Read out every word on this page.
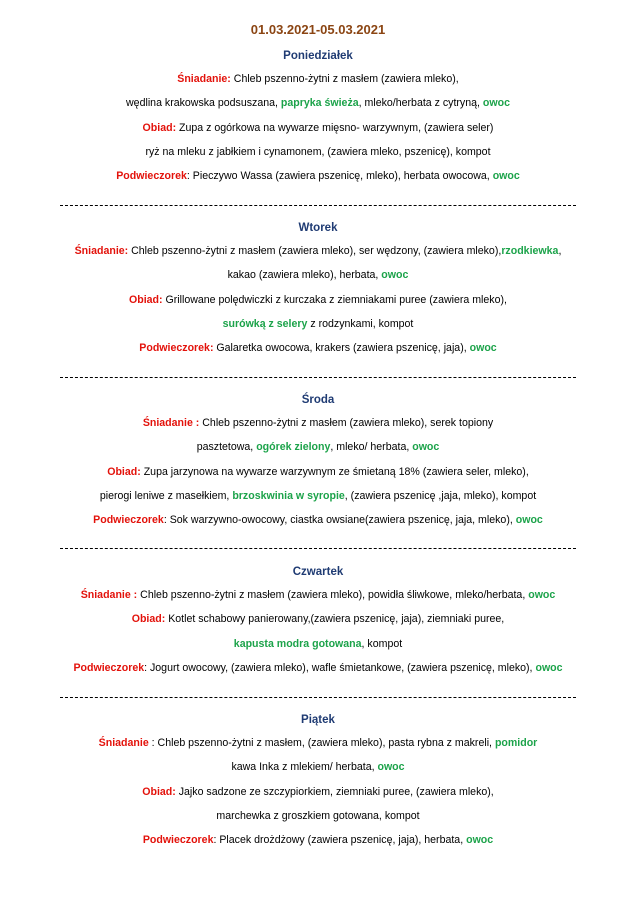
01.03.2021-05.03.2021
Poniedziałek
Śniadanie: Chleb pszenno-żytni z masłem (zawiera mleko),
wędlina krakowska podsuszana, papryka świeża, mleko/herbata z cytryną, owoc
Obiad: Zupa z ogórkowa na wywarze mięsno- warzywnym, (zawiera seler)
ryż na mleku z jabłkiem i cynamonem, (zawiera mleko, pszenicę), kompot
Podwieczorek: Pieczywo Wassa (zawiera pszenicę, mleko), herbata owocowa, owoc
Wtorek
Śniadanie: Chleb pszenno-żytni z masłem (zawiera mleko), ser wędzony, (zawiera mleko),rzodkiewka,
kakao (zawiera mleko), herbata, owoc
Obiad: Grillowane polędwiczki z kurczaka z ziemniakami puree (zawiera mleko),
surówką z selery z rodzynkami, kompot
Podwieczorek: Galaretka owocowa, krakers (zawiera pszenicę, jaja), owoc
Środa
Śniadanie : Chleb pszenno-żytni z masłem (zawiera mleko), serek topiony
pasztetowa, ogórek zielony, mleko/ herbata, owoc
Obiad: Zupa jarzynowa na wywarze warzywnym ze śmietaną 18% (zawiera seler, mleko),
pierogi leniwe z masełkiem, brzoskwinia w syropie, (zawiera pszenicę ,jaja, mleko), kompot
Podwieczorek: Sok warzywno-owocowy, ciastka owsiane(zawiera pszenicę, jaja, mleko), owoc
Czwartek
Śniadanie : Chleb pszenno-żytni z masłem (zawiera mleko), powidła śliwkowe, mleko/herbata, owoc
Obiad: Kotlet schabowy panierowany,(zawiera pszenicę, jaja), ziemniaki puree,
kapusta modra gotowana, kompot
Podwieczorek: Jogurt owocowy, (zawiera mleko), wafle śmietankowe, (zawiera pszenicę, mleko), owoc
Piątek
Śniadanie : Chleb pszenno-żytni z masłem, (zawiera mleko), pasta rybna z makreli, pomidor
kawa Inka z mlekiem/ herbata, owoc
Obiad: Jajko sadzone ze szczypiorkiem, ziemniaki puree, (zawiera mleko),
marchewka z groszkiem gotowana, kompot
Podwieczorek: Placek drożdżowy (zawiera pszenicę, jaja), herbata, owoc
